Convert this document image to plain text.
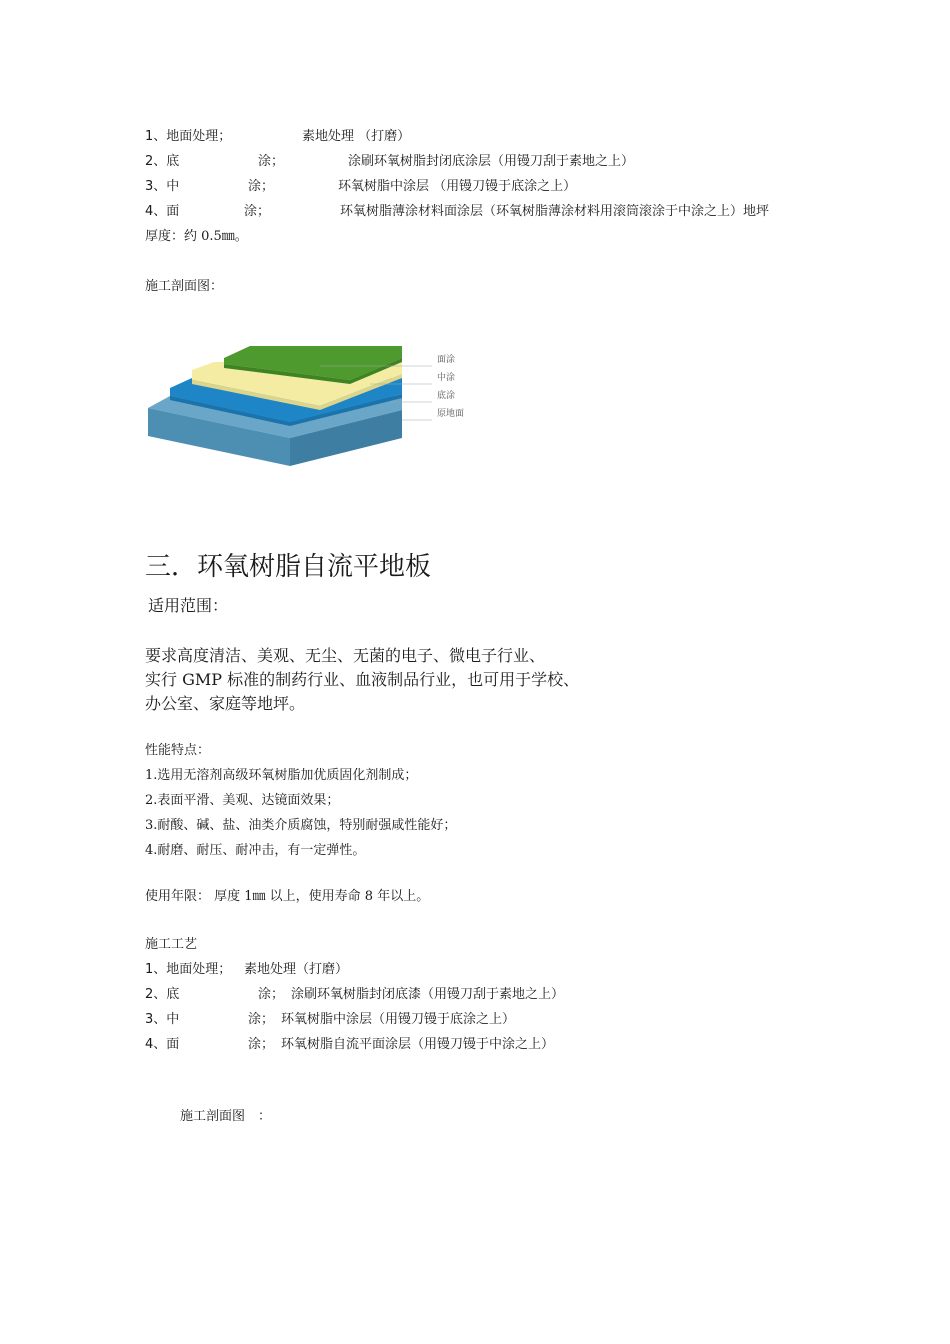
1、地面处理；	素地处理 （打磨）
2、底	涂；	涂刷环氧树脂封闭底涂层（用镘刀刮于素地之上）
3、中	涂；	环氧树脂中涂层 （用镘刀镘于底涂之上）
4、面	涂；	环氧树脂薄涂材料面涂层（环氧树脂薄涂材料用滚筒滚涂于中涂之上）地坪
厚度：约 0.5㎜。
施工剖面图：
面涂
中涂
底涂
原地面
三．环氧树脂自流平地板
适用范围：
要求高度清洁、美观、无尘、无菌的电子、微电子行业、
实行 GMP 标准的制药行业、血液制品行业，也可用于学校、
办公室、家庭等地坪。
性能特点：
1.选用无溶剂高级环氧树脂加优质固化剂制成；
2.表面平滑、美观、达镜面效果；
3.耐酸、碱、盐、油类介质腐蚀，特别耐强咸性能好；
4.耐磨、耐压、耐冲击，有一定弹性。
使用年限： 厚度 1㎜ 以上，使用寿命 8 年以上。
施工工艺
1、地面处理； 素地处理（打磨）
2、底	涂； 涂刷环氧树脂封闭底漆（用镘刀刮于素地之上）
3、中	涂； 环氧树脂中涂层（用镘刀镘于底涂之上）
4、面	涂； 环氧树脂自流平面涂层（用镘刀镘于中涂之上）
施工剖面图　：
